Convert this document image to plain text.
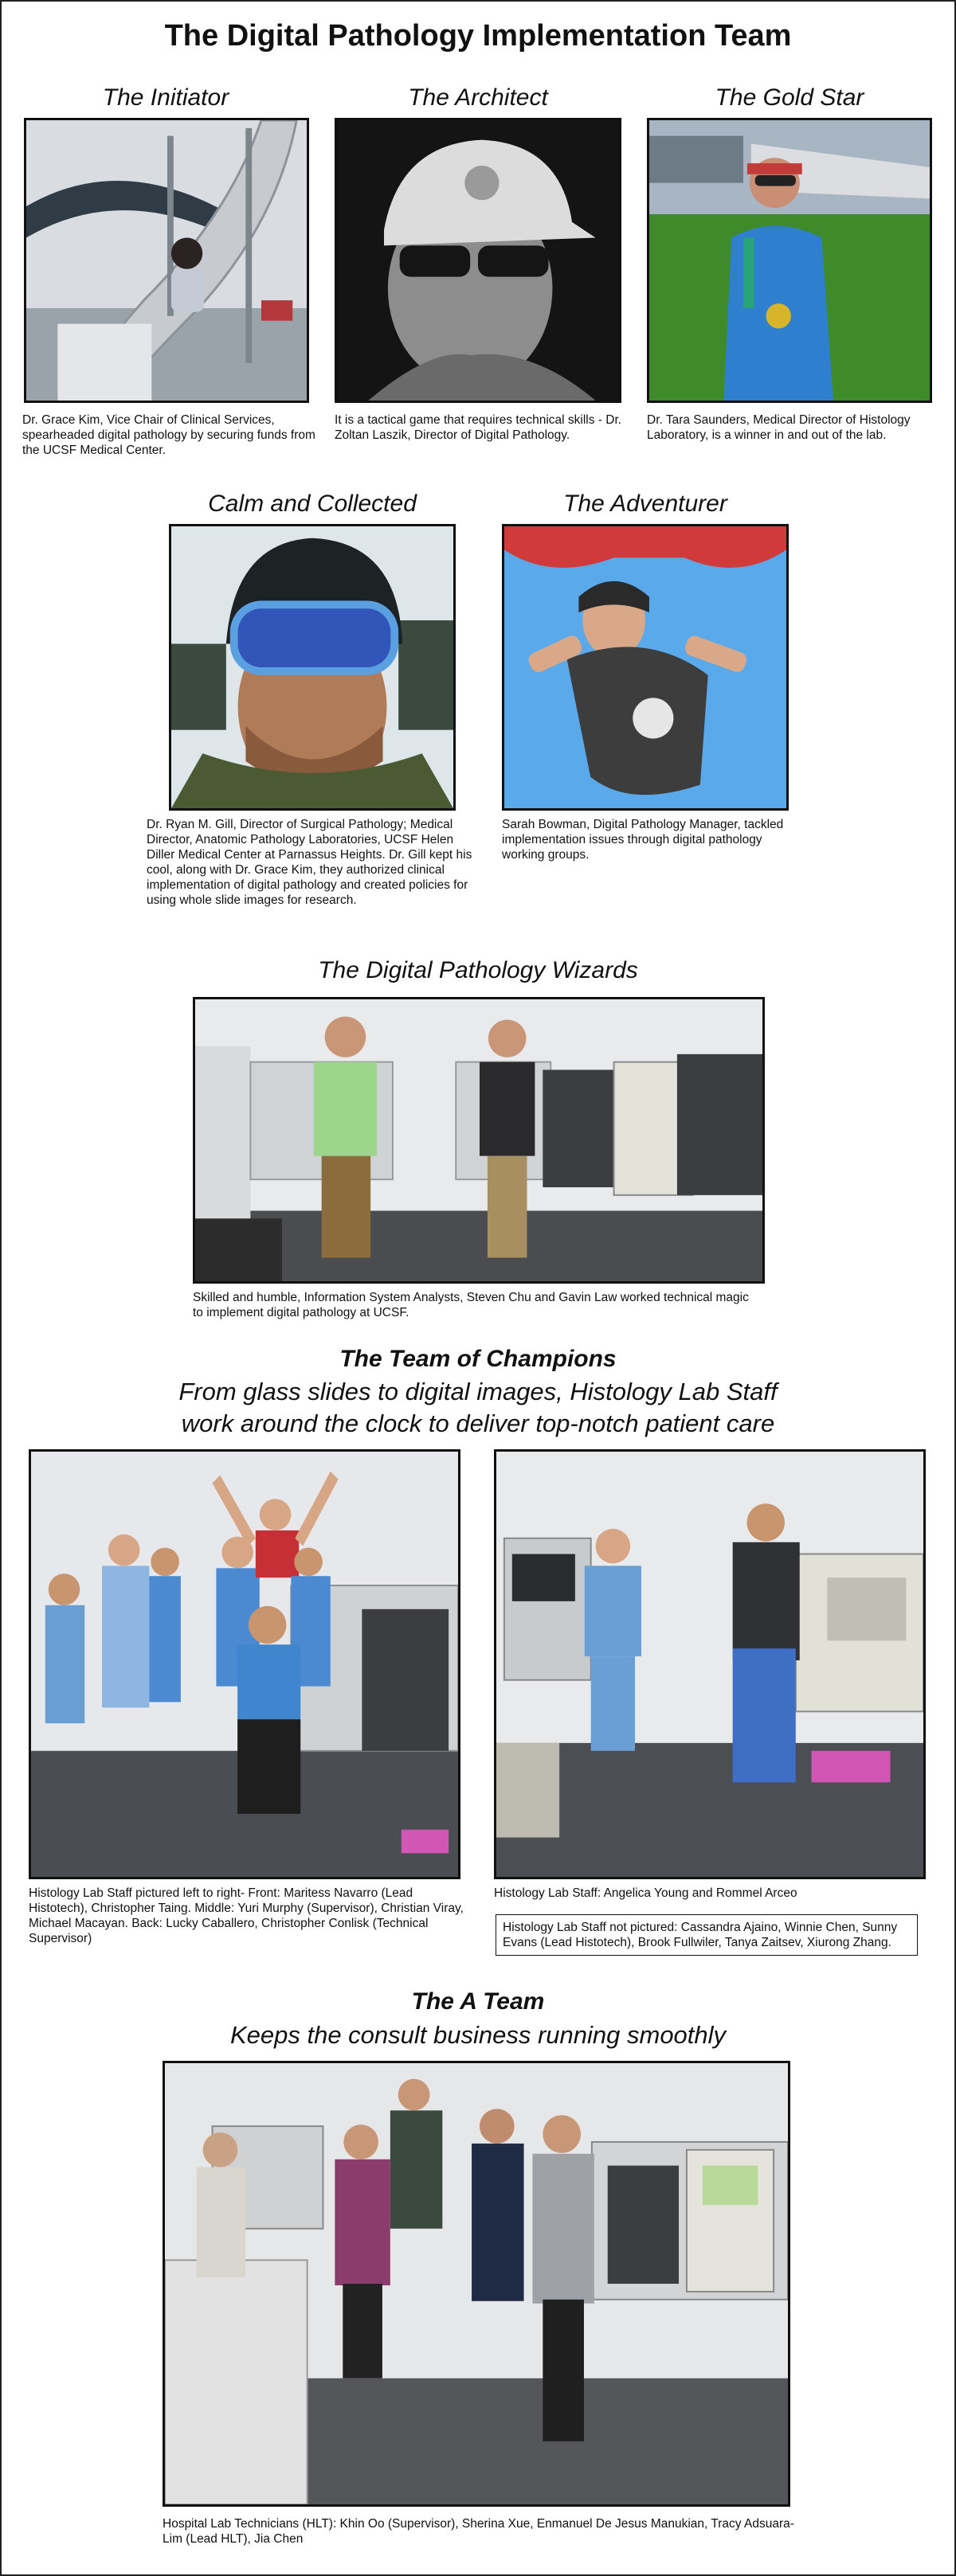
The Digital Pathology Implementation Team
The Initiator	The Architect	The Gold Star
Dr. Grace Kim, Vice Chair of Clinical Services, spearheaded digital pathology by securing funds from the UCSF Medical Center.
It is a tactical game that requires technical skills - Dr. Zoltan Laszik, Director of Digital Pathology.
Dr. Tara Saunders, Medical Director of Histology Laboratory, is a winner in and out of the lab.
Calm and Collected	The Adventurer
Dr. Ryan M. Gill, Director of Surgical Pathology; Medical Director, Anatomic Pathology Laboratories, UCSF Helen Diller Medical Center at Parnassus Heights. Dr. Gill kept his cool, along with Dr. Grace Kim, they authorized clinical implementation of digital pathology and created policies for using whole slide images for research.
Sarah Bowman, Digital Pathology Manager, tackled implementation issues through digital pathology working groups.
The Digital Pathology Wizards
Skilled and humble, Information System Analysts, Steven Chu and Gavin Law worked technical magic to implement digital pathology at UCSF.
The Team of Champions
From glass slides to digital images, Histology Lab Staff
work around the clock to deliver top-notch patient care
Histology Lab Staff pictured left to right- Front: Maritess Navarro (Lead Histotech), Christopher Taing. Middle: Yuri Murphy (Supervisor), Christian Viray, Michael Macayan. Back: Lucky Caballero, Christopher Conlisk (Technical Supervisor)
Histology Lab Staff: Angelica Young and Rommel Arceo
Histology Lab Staff not pictured: Cassandra Ajaino, Winnie Chen, Sunny Evans (Lead Histotech), Brook Fullwiler, Tanya Zaitsev, Xiurong Zhang.
The A Team
Keeps the consult business running smoothly
Hospital Lab Technicians (HLT): Khin Oo (Supervisor), Sherina Xue, Enmanuel De Jesus Manukian, Tracy Adsuara-Lim (Lead HLT), Jia Chen
